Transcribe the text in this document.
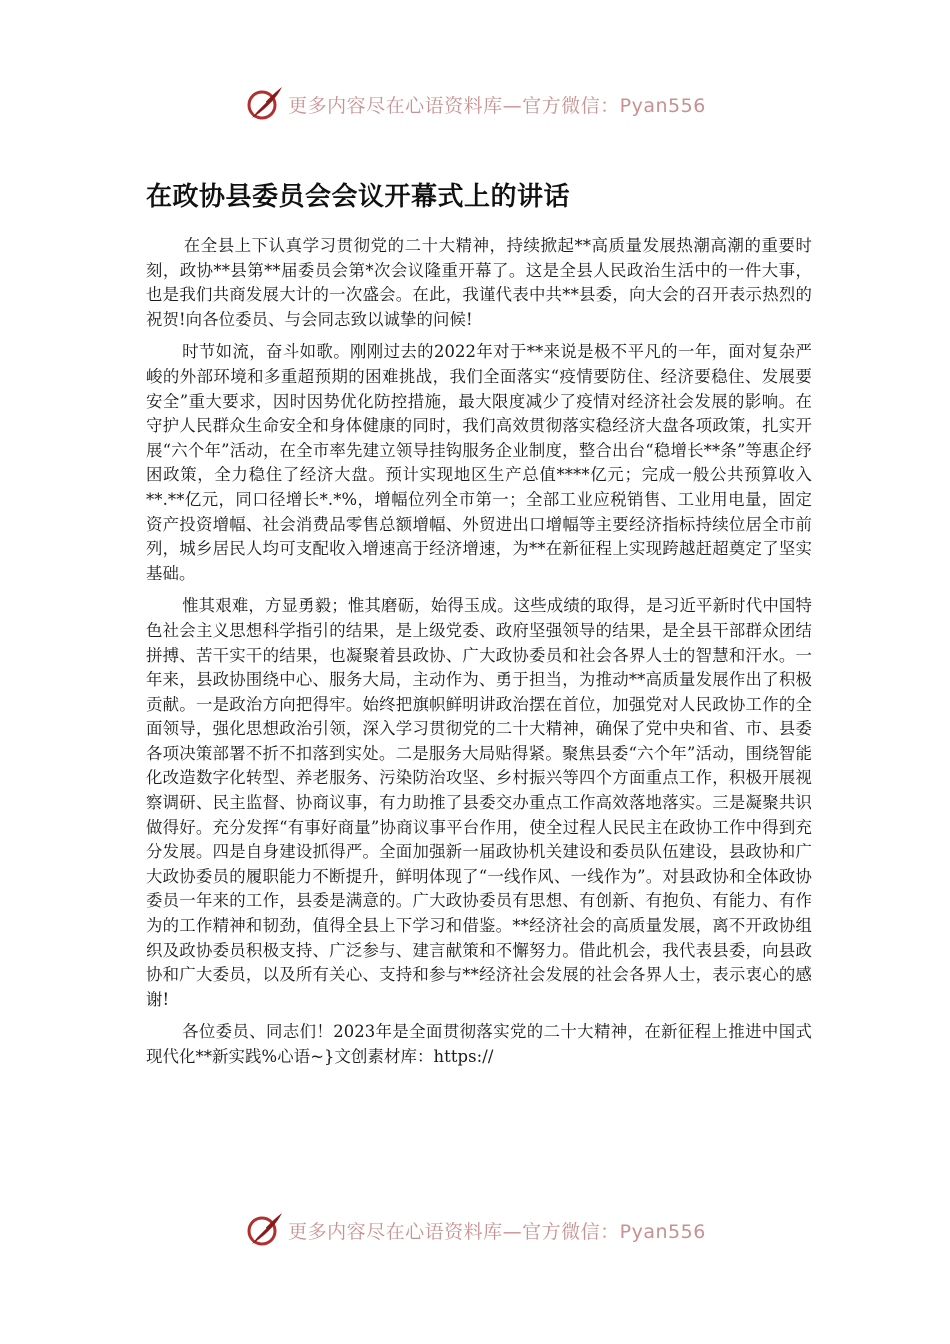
更多内容尽在心语资料库—官方微信：Pyan556
在政协县委员会会议开幕式上的讲话

在全县上下认真学习贯彻党的二十大精神，持续掀起**高质量发展热潮高潮的重要时刻，政协**县第**届委员会第*次会议隆重开幕了。这是全县人民政治生活中的一件大事，也是我们共商发展大计的一次盛会。在此，我谨代表中共**县委，向大会的召开表示热烈的祝贺!向各位委员、与会同志致以诚挚的问候!

时节如流，奋斗如歌。刚刚过去的2022年对于**来说是极不平凡的一年，面对复杂严峻的外部环境和多重超预期的困难挑战，我们全面落实“疫情要防住、经济要稳住、发展要安全”重大要求，因时因势优化防控措施，最大限度减少了疫情对经济社会发展的影响。在守护人民群众生命安全和身体健康的同时，我们高效贯彻落实稳经济大盘各项政策，扎实开展“六个年”活动，在全市率先建立领导挂钩服务企业制度，整合出台“稳增长**条”等惠企纾困政策，全力稳住了经济大盘。预计实现地区生产总值****亿元；完成一般公共预算收入**.**亿元，同口径增长*.*%，增幅位列全市第一；全部工业应税销售、工业用电量，固定资产投资增幅、社会消费品零售总额增幅、外贸进出口增幅等主要经济指标持续位居全市前列，城乡居民人均可支配收入增速高于经济增速，为**在新征程上实现跨越赶超奠定了坚实基础。

惟其艰难，方显勇毅；惟其磨砺，始得玉成。这些成绩的取得，是习近平新时代中国特色社会主义思想科学指引的结果，是上级党委、政府坚强领导的结果，是全县干部群众团结拼搏、苦干实干的结果，也凝聚着县政协、广大政协委员和社会各界人士的智慧和汗水。一年来，县政协围绕中心、服务大局，主动作为、勇于担当，为推动**高质量发展作出了积极贡献。一是政治方向把得牢。始终把旗帜鲜明讲政治摆在首位，加强党对人民政协工作的全面领导，强化思想政治引领，深入学习贯彻党的二十大精神，确保了党中央和省、市、县委各项决策部署不折不扣落到实处。二是服务大局贴得紧。聚焦县委“六个年”活动，围绕智能化改造数字化转型、养老服务、污染防治攻坚、乡村振兴等四个方面重点工作，积极开展视察调研、民主监督、协商议事，有力助推了县委交办重点工作高效落地落实。三是凝聚共识做得好。充分发挥“有事好商量”协商议事平台作用，使全过程人民民主在政协工作中得到充分发展。四是自身建设抓得严。全面加强新一届政协机关建设和委员队伍建设，县政协和广大政协委员的履职能力不断提升，鲜明体现了“一线作风、一线作为”。对县政协和全体政协委员一年来的工作，县委是满意的。广大政协委员有思想、有创新、有抱负、有能力、有作为的工作精神和韧劲，值得全县上下学习和借鉴。**经济社会的高质量发展，离不开政协组织及政协委员积极支持、广泛参与、建言献策和不懈努力。借此机会，我代表县委，向县政协和广大委员，以及所有关心、支持和参与**经济社会发展的社会各界人士，表示衷心的感谢!

各位委员、同志们！2023年是全面贯彻落实党的二十大精神，在新征程上推进中国式现代化**新实践%心语~}文创素材库：https://

更多内容尽在心语资料库—官方微信：Pyan556
